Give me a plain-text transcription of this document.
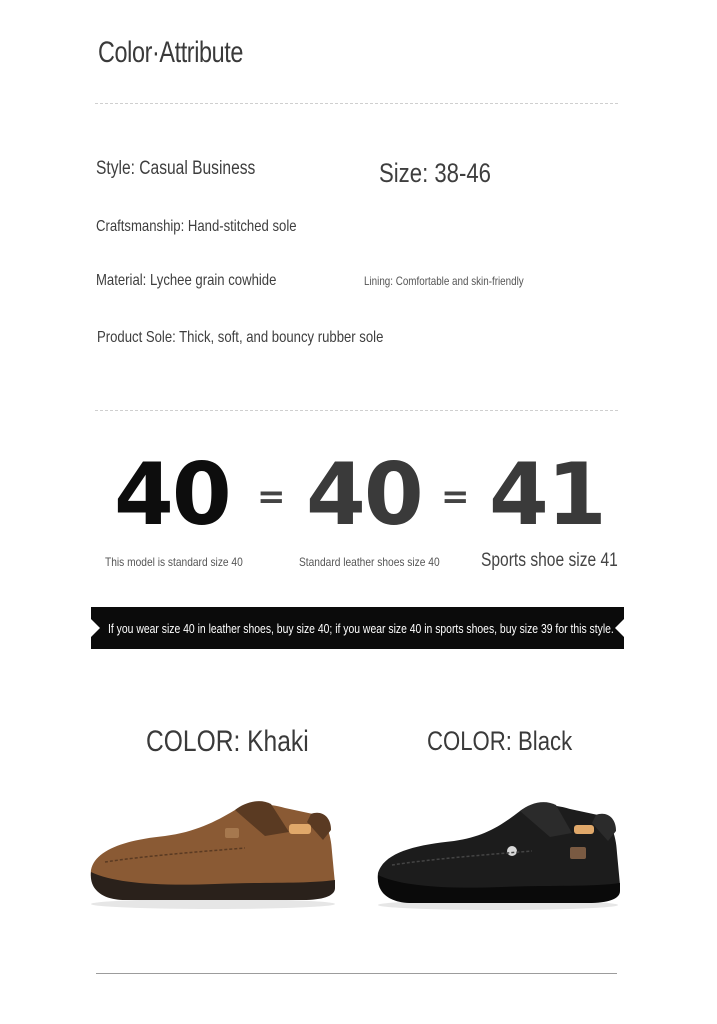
Color·Attribute
Style: Casual Business	Size: 38-46
Craftsmanship: Hand-stitched sole
Material: Lychee grain cowhide	Lining: Comfortable and skin-friendly
Product Sole: Thick, soft, and bouncy rubber sole
40 = 40 = 41
This model is standard size 40	Standard leather shoes size 40 Sports shoe size 41
If you wear size 40 in leather shoes, buy size 40; if you wear size 40 in sports shoes, buy size 39 for this style.
COLOR: Khaki	COLOR: Black
